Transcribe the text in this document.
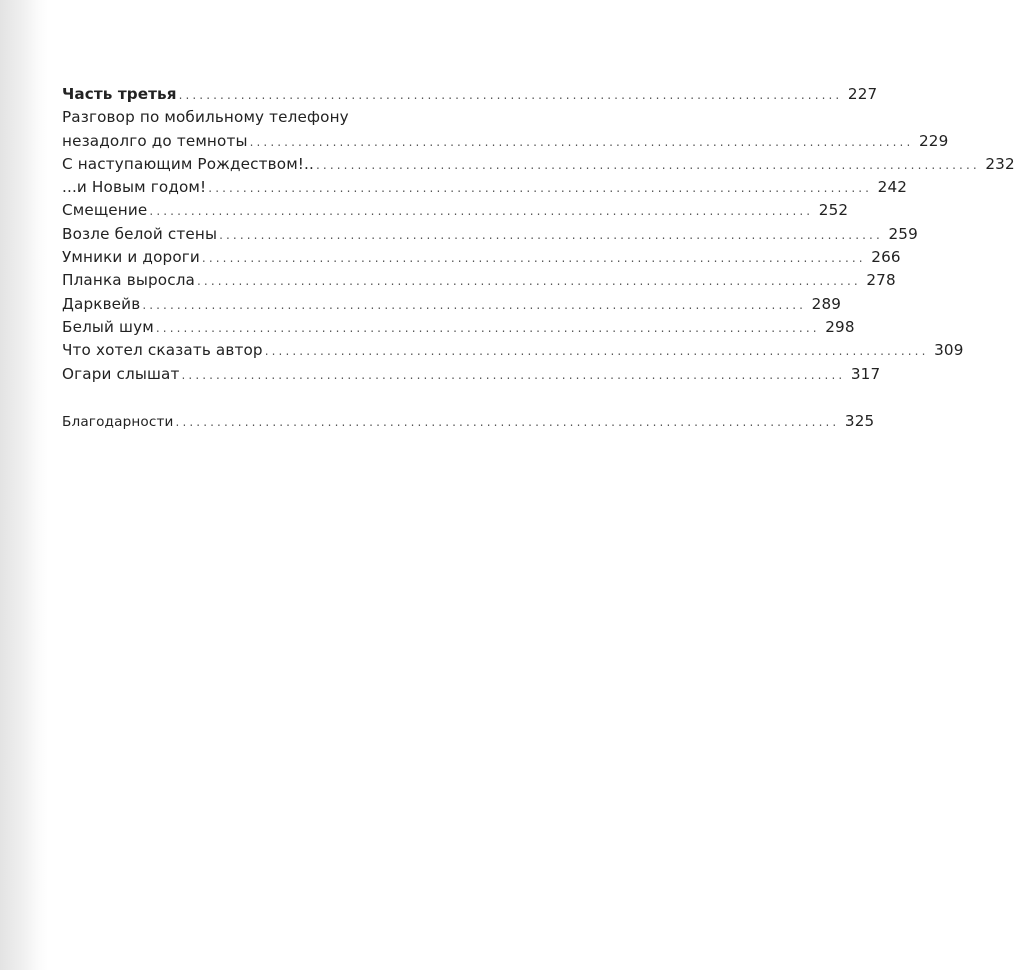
Часть третья ................................................................................................ 227
Разговор по мобильному телефону
незадолго до темноты ................................................................................................ 229
С наступающим Рождеством!.. ................................................................................................ 232
...и Новым годом! ................................................................................................ 242
Смещение ................................................................................................ 252
Возле белой стены ................................................................................................ 259
Умники и дороги ................................................................................................ 266
Планка выросла ................................................................................................ 278
Дарквейв ................................................................................................ 289
Белый шум ................................................................................................ 298
Что хотел сказать автор ................................................................................................ 309
Огари слышат ................................................................................................ 317
Благодарности ................................................................................................ 325
